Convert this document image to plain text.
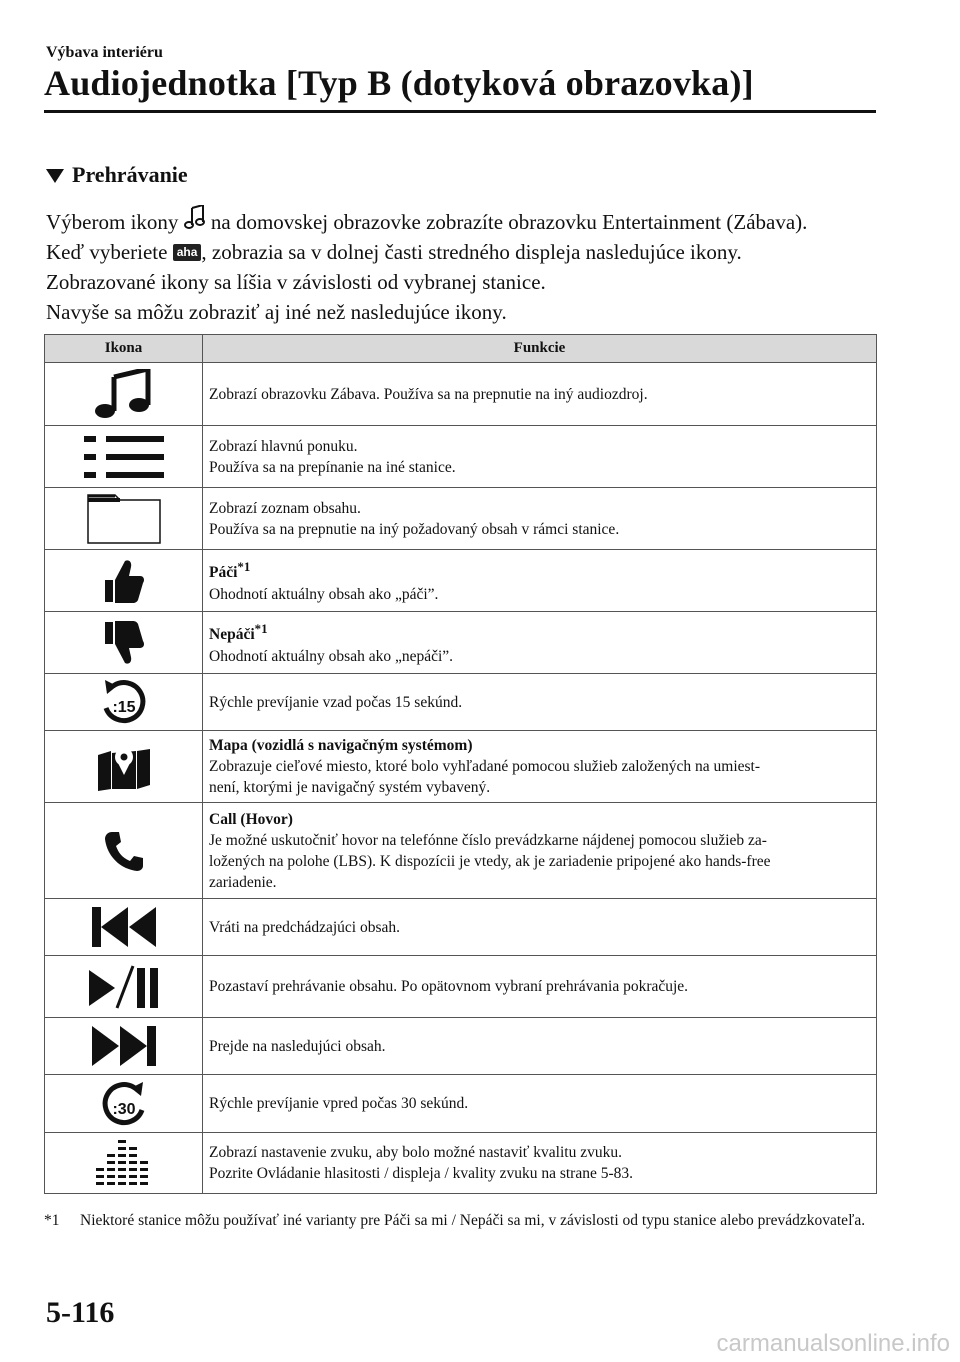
Výbava interiéru
Audiojednotka [Typ B (dotyková obrazovka)]
Prehrávanie

Výberom ikony
na domovskej obrazovke zobrazíte obrazovku Entertainment (Zábava).

Keď vyberiete aha , zobrazia sa v dolnej časti stredného displeja nasledujúce ikony.

Zobrazované ikony sa líšia v závislosti od vybranej stanice.

Navyše sa môžu zobraziť aj iné než nasledujúce ikony.

Ikona	Funkcie

Zobrazí obrazovku Zábava. Používa sa na prepnutie na iný audiozdroj.

Zobrazí hlavnú ponuku.
Používa sa na prepínanie na iné stanice.

Zobrazí zoznam obsahu.
Používa sa na prepnutie na iný požadovaný obsah v rámci stanice.

Páči$^{*1}$
Ohodnotí aktuálny obsah ako „páči”.

Nepáči$^{*1}$
Ohodnotí aktuálny obsah ako „nepáči”.

:15	Rýchle prevíjanie vzad počas 15 sekúnd.

Mapa (vozidlá s navigačným systémom)
Zobrazuje cieľové miesto, ktoré bolo vyhľadané pomocou služieb založených na umiest-
není, ktorými je navigačný systém vybavený.

Call (Hovor)
Je možné uskutočniť hovor na telefónne číslo prevádzkarne nájdenej pomocou služieb za-
ložených na polohe (LBS). K dispozícii je vtedy, ak je zariadenie pripojené ako hands-free
zariadenie.

Vráti na predchádzajúci obsah.

Pozastaví prehrávanie obsahu. Po opätovnom vybraní prehrávania pokračuje.

Prejde na nasledujúci obsah.

:30	Rýchle prevíjanie vpred počas 30 sekúnd.

Zobrazí nastavenie zvuku, aby bolo možné nastaviť kvalitu zvuku.
Pozrite Ovládanie hlasitosti / displeja / kvality zvuku na strane 5-83.
*1 Niektoré stanice môžu používať iné varianty pre Páči sa mi / Nepáči sa mi, v závislosti od typu stanice alebo prevádzkovateľa.
5-116
carmanualsonline.info
